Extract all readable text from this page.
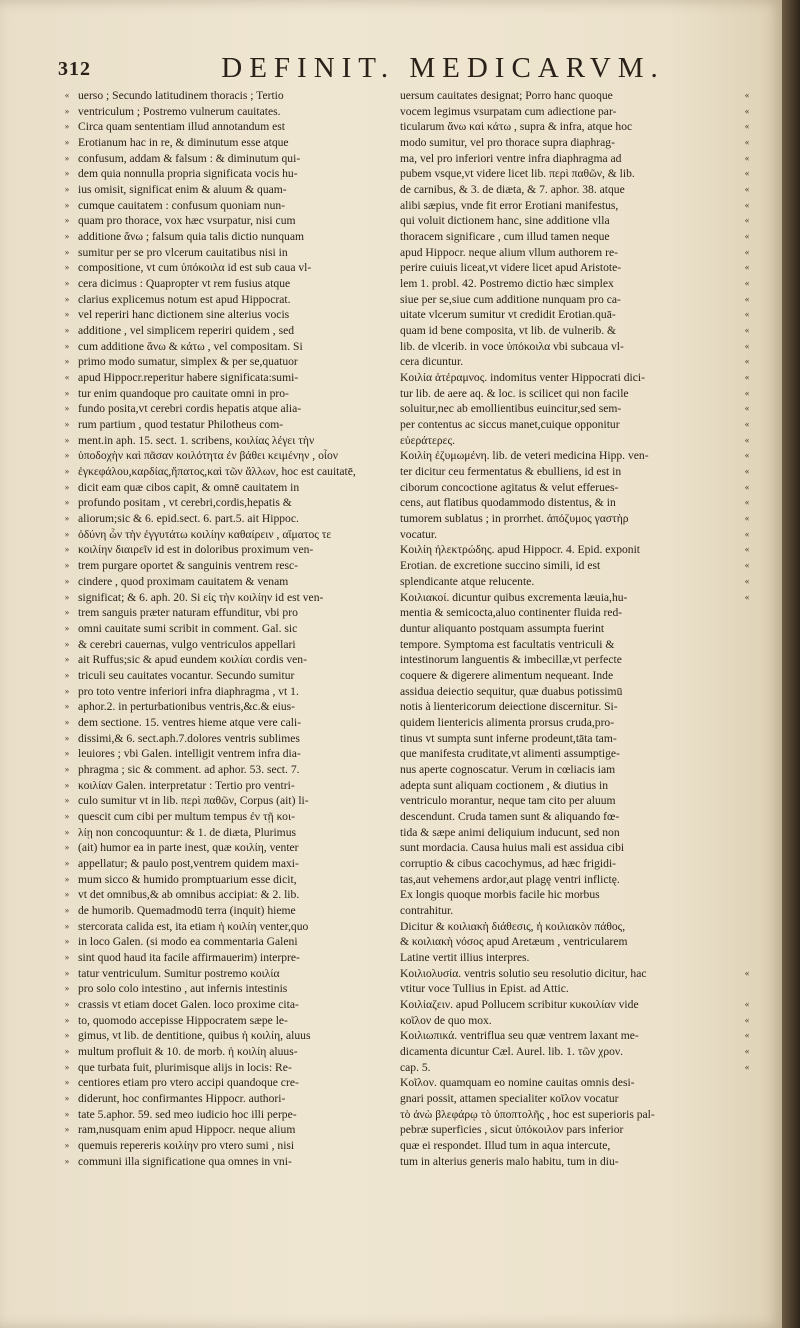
312	DEFINIT. MEDICARVM.
« uerso ; Secundo latitudinem thoracis ; Tertio
» ventriculum ; Postremo vulnerum cauitates.
» Circa quam sententiam illud annotandum est
» Erotianum hac in re, & diminutum esse atque
» confusum, addam & falsum : & diminutum qui-
» dem quia nonnulla propria significata vocis hu-
» ius omisit, significat enim & aluum & quam-
» cumque cauitatem : confusum quoniam nun-
» quam pro thorace, vox hæc vsurpatur, nisi cum
» additione ἄνω ; falsum quia talis dictio nunquam
» sumitur per se pro vlcerum cauitatibus nisi in
» compositione, vt cum ὑπόκοιλα id est sub caua vl-
» cera dicimus : Quapropter vt rem fusius atque
» clarius explicemus notum est apud Hippocrat.
» vel reperiri hanc dictionem sine alterius vocis
» additione , vel simplicem reperiri quidem , sed
» cum additione ἄνω & κάτω , vel compositam. Si
» primo modo sumatur, simplex & per se,quatuor
« apud Hippocr.reperitur habere significata:sumi-
» tur enim quandoque pro cauitate omni in pro-
» fundo posita,vt cerebri cordis hepatis atque alia-
» rum partium , quod testatur Philotheus com-
» ment.in aph. 15. sect. 1. scribens, κοιλίας λέγει τὴν
» ὑποδοχὴν καὶ πᾶσαν κοιλότητα ἐν βάθει κειμένην , οἷον
» ἐγκεφάλου,καρδίας,ἥπατος,καὶ τῶν ἄλλων, hoc est cauitatē,
» dicit eam quæ cibos capit, & omnē cauitatem in
» profundo positam , vt cerebri,cordis,hepatis &
» aliorum;sic & 6. epid.sect. 6. part.5. ait Hippoc.
» ὀδύνη ὧν τὴν ἐγγυτάτω κοιλίην καθαίρειν , αἵματος τε
» κοιλίην διαιρεῖν id est in doloribus proximum ven-
» trem purgare oportet & sanguinis ventrem resc-
» cindere , quod proximam cauitatem & venam
» significat; & 6. aph. 20. Si εἰς τὴν κοιλίην id est ven-
» trem sanguis præter naturam effunditur, vbi pro
» omni cauitate sumi scribit in comment. Gal. sic
» & cerebri cauernas, vulgo ventriculos appellari
» ait Ruffus;sic & apud eundem κοιλίαι cordis ven-
» triculi seu cauitates vocantur. Secundo sumitur
» pro toto ventre inferiori infra diaphragma , vt 1.
» aphor.2. in perturbationibus ventris,&c.& eius-
» dem sectione. 15. ventres hieme atque vere cali-
» dissimi,& 6. sect.aph.7.dolores ventris sublimes
» leuiores ; vbi Galen. intelligit ventrem infra dia-
» phragma ; sic & comment. ad aphor. 53. sect. 7.
» κοιλίαν Galen. interpretatur : Tertio pro ventri-
» culo sumitur vt in lib. περὶ παθῶν, Corpus (ait) li-
» quescit cum cibi per multum tempus ἐν τῇ κοι-
» λίῃ non concoquuntur: & 1. de diæta, Plurimus
» (ait) humor ea in parte inest, quæ κοιλίη, venter
» appellatur; & paulo post,ventrem quidem maxi-
» mum sicco & humido promptuarium esse dicit,
» vt det omnibus,& ab omnibus accipiat: & 2. lib.
» de humorib. Quemadmodū terra (inquit) hieme
» stercorata calida est, ita etiam ἡ κοιλίη venter,quo
» in loco Galen. (si modo ea commentaria Galeni
» sint quod haud ita facile affirmauerim) interpre-
» tatur ventriculum. Sumitur postremo κοιλία
» pro solo colo intestino , aut infernis intestinis
» crassis vt etiam docet Galen. loco proxime cita-
» to, quomodo accepisse Hippocratem sæpe le-
» gimus, vt lib. de dentitione, quibus ἡ κοιλίη, aluus
» multum profluit & 10. de morb. ἡ κοιλίη aluus-
» que turbata fuit, plurimisque alijs in locis: Re-
» centiores etiam pro vtero accipi quandoque cre-
» diderunt, hoc confirmantes Hippocr. authori-
» tate 5.aphor. 59. sed meo iudicio hoc illi perpe-
» ram,nusquam enim apud Hippocr. neque alium
» quemuis repereris κοιλίην pro vtero sumi , nisi
» communi illa significatione qua omnes in vni-
«
uersum cauitates designat; Porro hanc quoque
«
vocem legimus vsurpatam cum adiectione par-
«
ticularum ἄνω καὶ κάτω , supra & infra, atque hoc
«
modo sumitur, vel pro thorace supra diaphrag-
«
ma, vel pro inferiori ventre infra diaphragma ad
«
pubem vsque,vt videre licet lib. περὶ παθῶν, & lib.
«
de carnibus, & 3. de diæta, & 7. aphor. 38. atque
«
alibi sæpius, vnde fit error Erotiani manifestus,
«
qui voluit dictionem hanc, sine additione vlla
«
thoracem significare , cum illud tamen neque
«
apud Hippocr. neque alium vllum authorem re-
«
perire cuiuis liceat,vt videre licet apud Aristote-
«
lem 1. probl. 42. Postremo dictio hæc simplex
«
siue per se,siue cum additione nunquam pro ca-
«
uitate vlcerum sumitur vt credidit Erotian.quā-
«
quam id bene composita, vt lib. de vulnerib. &
«
lib. de vlcerib. in voce ὑπόκοιλα vbi subcaua vl-
«
cera dicuntur.
«
Κοιλία ἀτέραμνος. indomitus venter Hippocrati dici-
«
tur lib. de aere aq. & loc. is scilicet qui non facile
«
soluitur,nec ab emollientibus euincitur,sed sem-
«
per contentus ac siccus manet,cuique opponitur
«
εὐεράτερες.
«
Κοιλίη ἐζυμωμένη. lib. de veteri medicina Hipp. ven-
«
ter dicitur ceu fermentatus & ebulliens, id est in
«
ciborum concoctione agitatus & velut efferues-
«
cens, aut flatibus quodammodo distentus, & in
«
tumorem sublatus ; in prorrhet. ἀπόζυμος γαστὴρ
«
vocatur.
«
Κοιλίη ἠλεκτρώδης. apud Hippocr. 4. Epid. exponit
«
Erotian. de excretione succino simili, id est
«
splendicante atque relucente.
«
Κοιλιακοί. dicuntur quibus excrementa læuia,hu-
mentia & semicocta,aluo continenter fluida red-
duntur aliquanto postquam assumpta fuerint
tempore. Symptoma est facultatis ventriculi &
intestinorum languentis & imbecillæ,vt perfecte
coquere & digerere alimentum nequeant. Inde
assidua deiectio sequitur, quæ duabus potissimū
notis à lientericorum deiectione discernitur. Si-
quidem lientericis alimenta prorsus cruda,pro-
tinus vt sumpta sunt inferne prodeunt,tāta tam-
que manifesta cruditate,vt alimenti assumptige-
nus aperte cognoscatur. Verum in cœliacis iam
adepta sunt aliquam coctionem , & diutius in
ventriculo morantur, neque tam cito per aluum
descendunt. Cruda tamen sunt & aliquando fœ-
tida & sæpe animi deliquium inducunt, sed non
sunt mordacia. Causa huius mali est assidua cibi
corruptio & cibus cacochymus, ad hæc frigidi-
tas,aut vehemens ardor,aut plagę ventri inflictę.
Ex longis quoque morbis facile hic morbus
contrahitur.
Dicitur & κοιλιακὴ διάθεσις, ἡ κοιλιακὸν πάθος,
& κοιλιακὴ νόσος apud Aretæum , ventricularem
Latine vertit illius interpres.
«
Κοιλιολυσία. ventris solutio seu resolutio dicitur, hac
vtitur voce Tullius in Epist. ad Attic.
«
Κοιλίαζειν. apud Pollucem scribitur κυκοιλίαν vide
«
κοῖλον de quo mox.
«
Κοιλιωπικά. ventriflua seu quæ ventrem laxant me-
«
dicamenta dicuntur Cæl. Aurel. lib. 1. τῶν χρον.
«
cap. 5.
Κοῖλον. quamquam eo nomine cauitas omnis desi-
gnari possit, attamen specialiter κοῖλον vocatur
τὸ ἀνὼ βλεφάρῳ τὸ ὑποπτολῆς , hoc est superioris pal-
pebræ superficies , sicut ὑπόκοιλον pars inferior
quæ ei respondet. Illud tum in aqua intercute,
tum in alterius generis malo habitu, tum in diu-
